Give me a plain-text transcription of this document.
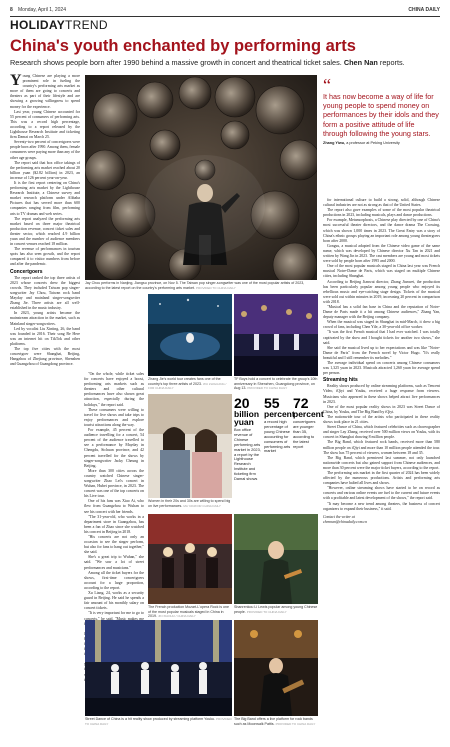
8 Monday, April 1, 2024	CHINA DAILY
HOLIDAYTREND
China's youth enchanted by performing arts
Research shows people born after 1990 behind a massive growth in concert and theatrical ticket sales. Chen Nan reports.

Young Chinese are playing a more prominent role in fueling the country's performing arts market as more of them are going to concerts and theaters as part of their lifestyle and are showing a growing willingness to spend money for the experience.

Last year, young Chinese accounted for 55 percent of consumers of performing arts. This was a record high percentage, according to a report released by the Lighthouse Research Institute and ticketing firm Damai on March 25.

Seventy-two percent of concertgoers were people born after 1990. Among them, female consumers were paying more than any of the other age groups.

The report said that box office takings of the performing arts market reached about 20 billion yuan ($2.82 billion) in 2023, an increase of 126 percent year-on-year.

It is the first report centering on China's performing arts market by the Lighthouse Research Institute, a Chinese survey and market research platform under Alibaba Pictures that has served more than 600 companies ranging from film, performing arts to TV dramas and web series.

The report analyzed the performing arts market based on three major theatrical production revenue, concert ticket sales and theater sector, which reached 4.9 billion yuan and the number of audience members in concert venues reached 18 million.

The revenue of performances in tourism spots has also seen growth, and the report compared it to visitor numbers from before and after the pandemic.

Concertgoers

The report ranked the top three artists of 2023 whose concerts drew the biggest crowds. They included Taiwan pop singer-songwriter Jay Chou, Taiwan rock band Mayday and mainland singer-songwriter Zhang Jie. Three artists are all well-established in the music industry.

In 2023, young artists became the mainstream attraction in the market, such as Mainland singer-songwriters.

Led by vocalist Liu Xinting, 26, the band was founded in 2016. Their song Be Here was an internet hit on TikTok and other platforms.

The top five cities with the most concertgoer were Shanghai, Beijing, Hangzhou of Zhejiang province, Shenzhen and Guangzhou of Guangdong province.

"On the whole, while ticket sales for concerts have enjoyed a boost, performing arts markets such as theaters and other cultural performances have also shown great attraction, especially during the holidays," the report said.

These consumers were willing to travel for live shows and take trips to enjoy performances and explore tourist attractions along the way.

For example, 45 percent of the audience travelling for a concert, 54 percent of the audience travelled to see a performance by Mayday in Chengdu, Sichuan province, and 42 percent travelled for the shows by singer-songwriter Jacky Cheung in Beijing.

More than 300 cities across the country watched Chinese singer-songwriter Zhao Lei's concert in Wuhan, Hubei province, in 2023. The concert was one of the top concerts on his Live tour.

One of his fans was Xiao Ai, who flew from Guangzhou to Wuhan to see his concert with her friends.

"The 31-year-old, who works in a department store in Guangzhou, has been a fan of Zhao since she watched his concert in Beijing in 2018.

"His concerts are not only an occasion to see the singer perform, but also for fans to hang out together," she said.

She's a great trip to Wuhan," she said. "We saw a lot of street performances and musicians."

Among all the ticket buyers for the shows, first-time concertgoers account for a large proportion, according to the report.

Xu Liang, 24, works as a security guard in Beijing. He said he spends a fair amount of his monthly salary on concert tickets.

"It is very important for me to go to concerts," he said. "Music makes me

Jay Chou performs in Nanjing, Jiangsu province, on Nov 5. The Taiwan pop singer-songwriter was one of the most popular artists of 2023, according to the latest report on the country's performing arts market. PROVIDED TO CHINA DAILY
“
It has now become a way of life for young people to spend money on performances by their idols and they form a positive attitude of life through following the young stars.
Zhang Yiwu, a professor at Peking University

for international culture to build a strong, solid, although Chinese cultural industries are not as strong as that of the United States.

The report also gave examples of some of the most popular theatrical productions in 2023, including musicals, plays and dance productions.

For example, Metamorphosis, a Chinese play directed by one of China's most successful theater directors, and the dance drama The Crossing, which was shown 1,000 times in 2023. The Great Entry was a story of China's ethnic groups playing an important role among young theatergoers born after 2000.

Gongsu, a musical adapted from the Chinese video game of the same name, which was developed by Chinese director Xu Tan in 2021 and written by Wang Jin in 2023. The cast members are young and most tickets were sold by people born after 1995 and 2000.

One of the most popular musicals staged in China last year was French musical Notre-Dame de Paris, which was staged on multiple Chinese cities, including Shanghai.

According to Beijing Jianwai director, Zhang Jianwei, the production has been particularly popular among young people who enjoyed its rebellious music and eye-catching stage design. Tickets of the musical were sold out within minutes in 2019, increasing 20 percent in comparison with 2018.

"Musical has a solid fan base in China and the reputation of Notre-Dame de Paris made it a hit among Chinese audiences," Zhang Yan, deputy manager with the Beijing company.

When the musical was staged in Shanghai in mid-March, it drew a big crowd of fans, including Chen Yile, a 30-year-old office worker.

"It was the first French musical that I had ever watched. I was totally captivated by the show and I bought tickets for another two shows," she said.

She said the musical lived up to her expectations and was like "Notre-Dame de Paris" from the French novel by Victor Hugo. "It's really beautiful and I still remember its melodies."

The average individual spend on concerts among Chinese consumers was 1,325 yuan in 2023. Musicals attracted 1,260 yuan for average spend per person.

Streaming hits

Reality shows produced by online streaming platforms, such as Tencent Video, iQiyi and Youku, received a huge response from viewers. Musicians who appeared in these shows helped attract live performances in 2023.

One of the most popular reality shows in 2023 was Street Dance of China, by Youku, and The Big Band by iQiyi.

The nationwide tour of the artists who participated in these reality shows took place in 21 cities.

Street Dance of China, which featured celebrities such as choreographer and singer Lay Zhang, received over 500 million views on Youku, with its concert in Shanghai drawing 8 million people.

The Big Band, which featured rock bands, received more than 580 million people on iQiyi and more than 10 million people attended the tour. The show has 75 percent of viewers, women between 18 and 35.

The Big Band, which premiered last summer, not only launched nationwide concerts but also gained support from Chinese audiences, and more than 30 percent were the major ticket buyers, according to the report.

The performing arts market in the first quarter of 2024 has been widely affected by the numerous productions. Artists and performing arts companies have halted all lives and shows.

"However, online streaming shows have started to be on record as concerts and various online events are fuel to the current and future events with a profitable and latest development of the shows," the report said.

"It may become a new trend among theaters, the business of concert organizers to expand their business," it said.

Contact the writer at
chennan@chinadaily.com.cn

Zhang Jie's world tour creates fans one of the country's top three artists of 2023. WU ZHIGUANG / FOR CHINA DAILY
TF Boys hold a concert to celebrate the group's 10th anniversary in Shenzhen, Guangdong province, on Aug 13. PROVIDED TO CHINA DAILY
Women in their 20s and 30s are willing to spend big on live performances. MA YAN/FOR CHINA DAILY
20
billion yuan
Box office revenue of Chinese performing arts market in 2023, a report by the Lighthouse Research Institute and ticketing firm Damai shows
55
percent
a record high percentage of young Chinese accounting for consumers of performing arts market
72
percent
concertgoers are younger than 35, according to the latest report
The French production Mozart-L'opera Rock is one of the most popular musicals staged in China in 2019. JIN XIAOHU / CHINA DAILY
Shanrenkou Li Lewis popular among young Chinese people. PROVIDED TO CHINA DAILY
Street Dance of China is a hit reality show produced by streaming platform Youku. PROVIDED TO CHINA DAILY
The Big Band offers a live platform for rock bands such as Moonwalk Pattis. PROVIDED TO CHINA DAILY
